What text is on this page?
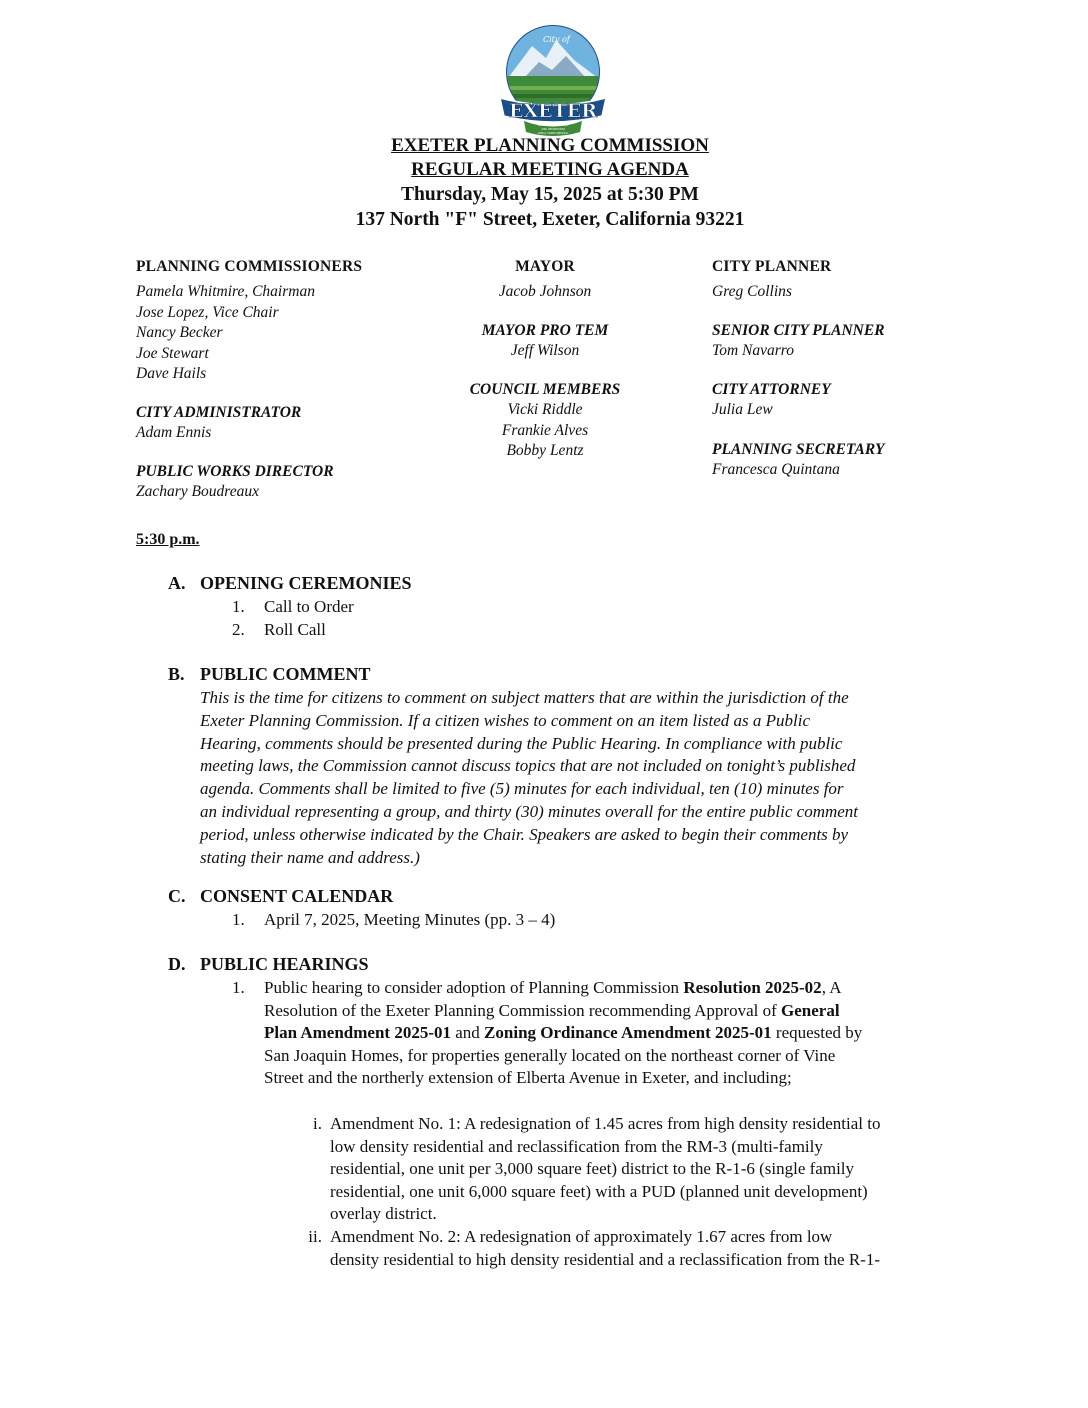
City of
EXETER
CENTENNIAL HERITAGE
AND RECREATION
SMALL TOWN AMERICA
EXETER PLANNING COMMISSION
REGULAR MEETING AGENDA
Thursday, May 15, 2025 at 5:30 PM
137 North "F" Street, Exeter, California 93221
PLANNING COMMISSIONERS
Pamela Whitmire, Chairman
Jose Lopez, Vice Chair
Nancy Becker
Joe Stewart
Dave Hails
CITY ADMINISTRATOR
Adam Ennis
PUBLIC WORKS DIRECTOR
Zachary Boudreaux
MAYOR
Jacob Johnson
MAYOR PRO TEM
Jeff Wilson
COUNCIL MEMBERS
Vicki Riddle
Frankie Alves
Bobby Lentz
CITY PLANNER
Greg Collins
SENIOR CITY PLANNER
Tom Navarro
CITY ATTORNEY
Julia Lew
PLANNING SECRETARY
Francesca Quintana
5:30 p.m.
A. OPENING CEREMONIES
1. Call to Order
2. Roll Call
B. PUBLIC COMMENT
This is the time for citizens to comment on subject matters that are within the jurisdiction of the
Exeter Planning Commission. If a citizen wishes to comment on an item listed as a Public
Hearing, comments should be presented during the Public Hearing. In compliance with public
meeting laws, the Commission cannot discuss topics that are not included on tonight’s published
agenda. Comments shall be limited to five (5) minutes for each individual, ten (10) minutes for
an individual representing a group, and thirty (30) minutes overall for the entire public comment
period, unless otherwise indicated by the Chair. Speakers are asked to begin their comments by
stating their name and address.)
C. CONSENT CALENDAR
1. April 7, 2025, Meeting Minutes (pp. 3 – 4)
D. PUBLIC HEARINGS
1. Public hearing to consider adoption of Planning Commission Resolution 2025-02, A
Resolution of the Exeter Planning Commission recommending Approval of General
Plan Amendment 2025-01 and Zoning Ordinance Amendment 2025-01 requested by
San Joaquin Homes, for properties generally located on the northeast corner of Vine
Street and the northerly extension of Elberta Avenue in Exeter, and including;
i. Amendment No. 1: A redesignation of 1.45 acres from high density residential to
low density residential and reclassification from the RM-3 (multi-family
residential, one unit per 3,000 square feet) district to the R-1-6 (single family
residential, one unit 6,000 square feet) with a PUD (planned unit development)
overlay district.
ii. Amendment No. 2: A redesignation of approximately 1.67 acres from low
density residential to high density residential and a reclassification from the R-1-
